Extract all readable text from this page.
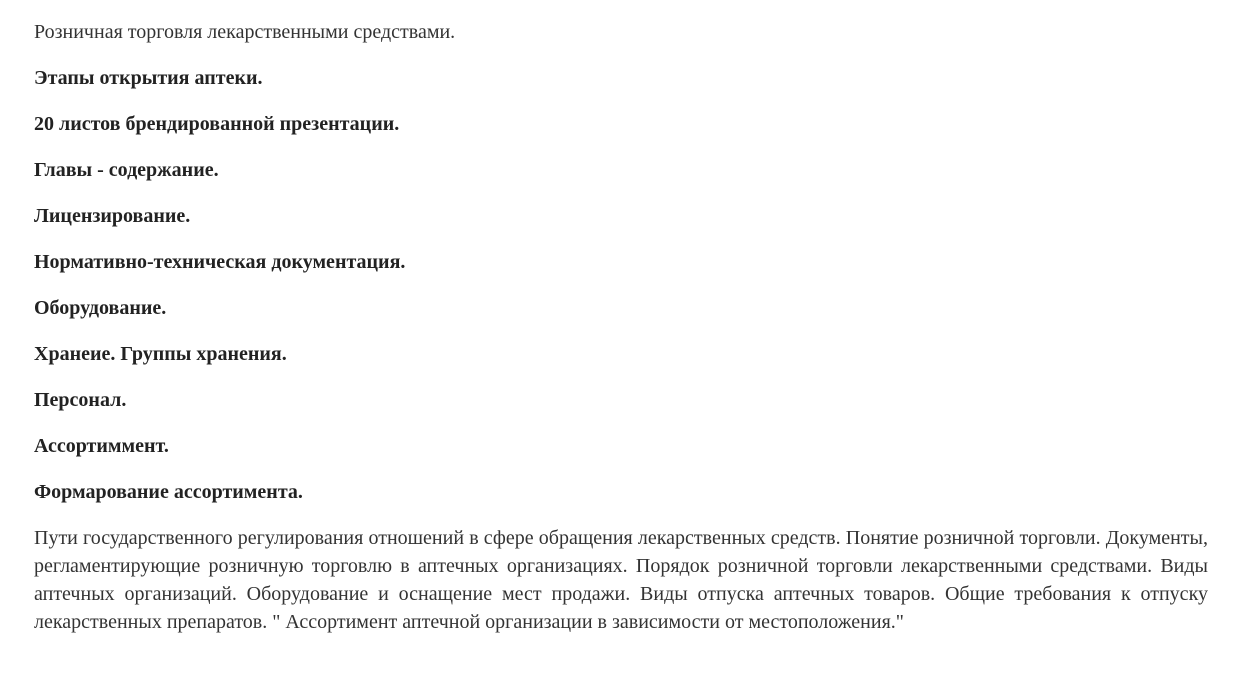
Розничная торговля лекарственными средствами.

Этапы открытия аптеки.

20 листов брендированной презентации.

Главы - содержание.

Лицензирование.

Нормативно-техническая документация.

Оборудование.

Хранеие. Группы хранения.

Персонал.

Ассортиммент.

Формарование ассортимента.

Пути государственного регулирования отношений в сфере обращения лекарственных средств. Понятие розничной торговли. Документы, регламентирующие розничную торговлю в аптечных организациях. Порядок розничной торговли лекарственными средствами. Виды аптечных организаций. Оборудование и оснащение мест продажи. Виды отпуска аптечных товаров. Общие требования к отпуску лекарственных препаратов. " Ассортимент аптечной организации в зависимости от местоположения."
